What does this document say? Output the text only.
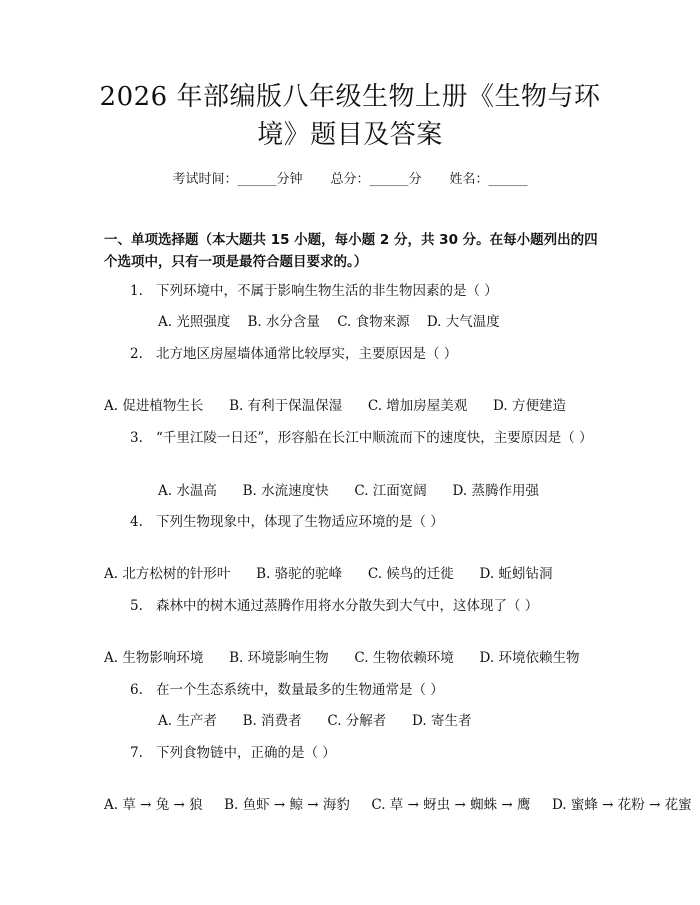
2026 年部编版八年级生物上册《生物与环
境》题目及答案
考试时间：______分钟 总分：______分 姓名：______
一、单项选择题（本大题共 15 小题，每小题 2 分，共 30 分。在每小题列出的四个选项中，只有一项是最符合题目要求的。）
1. 下列环境中，不属于影响生物生活的非生物因素的是（ ）
A. 光照强度 B. 水分含量 C. 食物来源 D. 大气温度
2. 北方地区房屋墙体通常比较厚实，主要原因是（ ）
A. 促进植物生长 B. 有利于保温保湿 C. 增加房屋美观 D. 方便建造
3. “千里江陵一日还”，形容船在长江中顺流而下的速度快，主要原因是（ ）
A. 水温高 B. 水流速度快 C. 江面宽阔 D. 蒸腾作用强
4. 下列生物现象中，体现了生物适应环境的是（ ）
A. 北方松树的针形叶 B. 骆驼的驼峰 C. 候鸟的迁徙 D. 蚯蚓钻洞
5. 森林中的树木通过蒸腾作用将水分散失到大气中，这体现了（ ）
A. 生物影响环境 B. 环境影响生物 C. 生物依赖环境 D. 环境依赖生物
6. 在一个生态系统中，数量最多的生物通常是（ ）
A. 生产者 B. 消费者 C. 分解者 D. 寄生者
7. 下列食物链中，正确的是（ ）
A. 草 → 兔 → 狼 B. 鱼虾 → 鲸 → 海豹 C. 草 → 蚜虫 → 蜘蛛 → 鹰 D. 蜜蜂 → 花粉 → 花蜜
